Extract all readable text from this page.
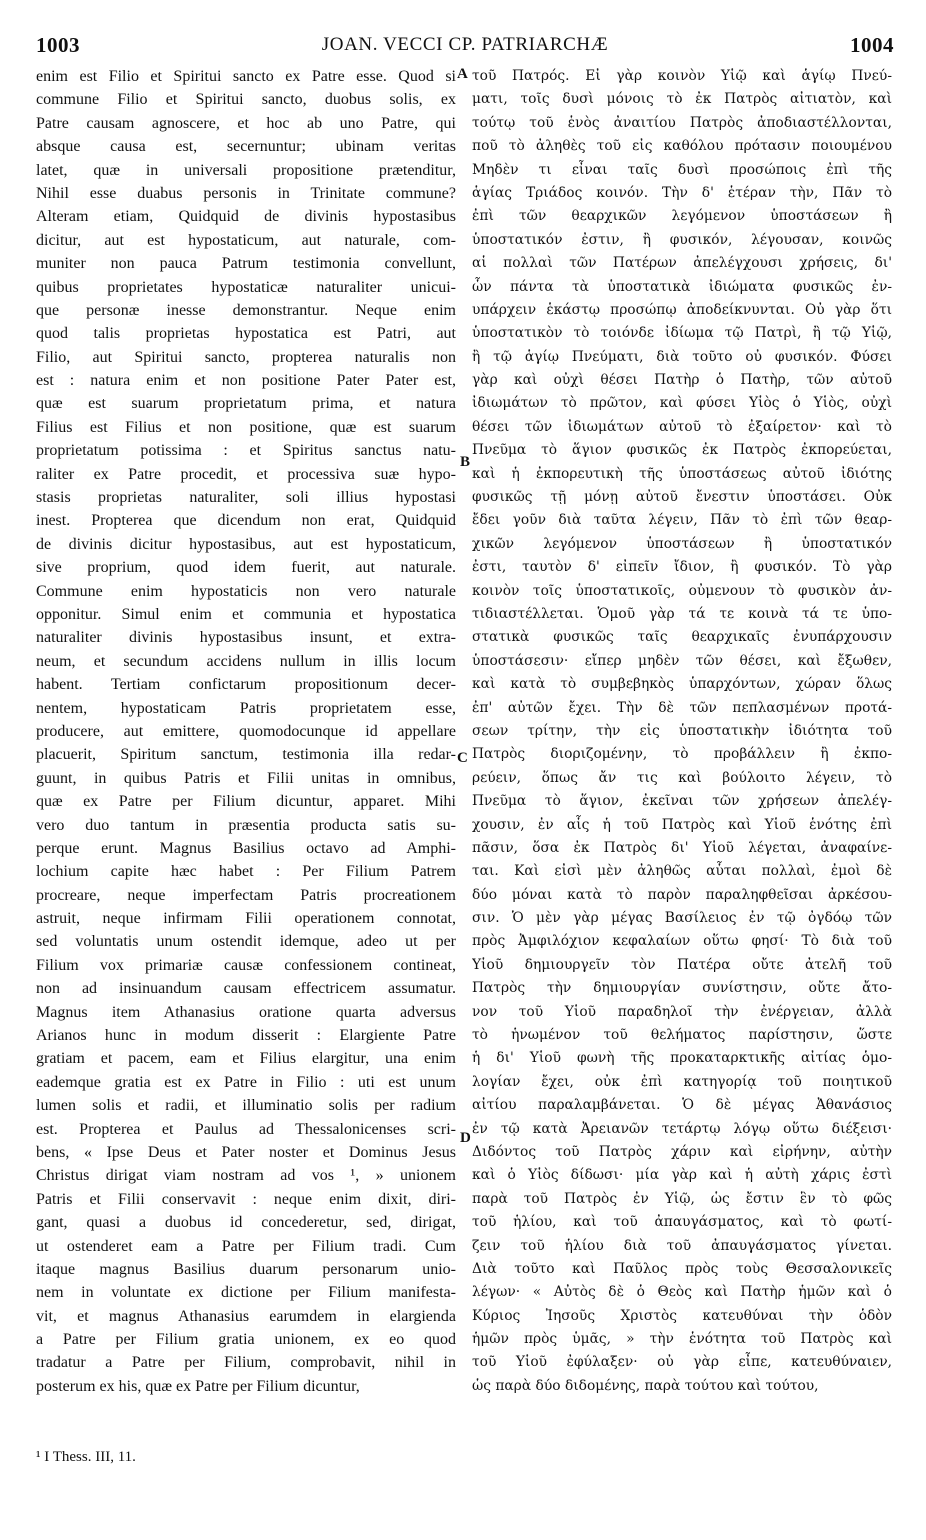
1003	JOAN. VECCI CP. PATRIARCHÆ	1004
enim est Filio et Spiritui sancto ex Patre esse. Quod si
commune Filio et Spiritui sancto, duobus solis, ex
Patre causam agnoscere, et hoc ab uno Patre, qui
absque causa est, secernuntur; ubinam veritas
latet, quæ in universali propositione prætenditur,
Nihil esse duabus personis in Trinitate commune?
Alteram etiam, Quidquid de divinis hypostasibus
dicitur, aut est hypostaticum, aut naturale, com-
muniter non pauca Patrum testimonia convellunt,
quibus proprietates hypostaticæ naturaliter unicui-
que personæ inesse demonstrantur. Neque enim
quod talis proprietas hypostatica est Patri, aut
Filio, aut Spiritui sancto, propterea naturalis non
est : natura enim et non positione Pater Pater est,
quæ est suarum proprietatum prima, et natura
Filius est Filius et non positione, quæ est suarum
proprietatum potissima : et Spiritus sanctus natu-
raliter ex Patre procedit, et processiva suæ hypo-
stasis proprietas naturaliter, soli illius hypostasi
inest. Propterea que dicendum non erat, Quidquid
de divinis dicitur hypostasibus, aut est hypostaticum,
sive proprium, quod idem fuerit, aut naturale.
Commune enim hypostaticis non vero naturale
opponitur. Simul enim et communia et hypostatica
naturaliter divinis hypostasibus insunt, et extra-
neum, et secundum accidens nullum in illis locum
habent. Tertiam confictarum propositionum decer-
nentem, hypostaticam Patris proprietatem esse,
producere, aut emittere, quomodocunque id appellare
placuerit, Spiritum sanctum, testimonia illa redar-
guunt, in quibus Patris et Filii unitas in omnibus,
quæ ex Patre per Filium dicuntur, apparet. Mihi
vero duo tantum in præsentia producta satis su-
perque erunt. Magnus Basilius octavo ad Amphi-
lochium capite hæc habet : Per Filium Patrem
procreare, neque imperfectam Patris procreationem
astruit, neque infirmam Filii operationem connotat,
sed voluntatis unum ostendit idemque, adeo ut per
Filium vox primariæ causæ confessionem contineat,
non ad insinuandum causam effectricem assumatur.
Magnus item Athanasius oratione quarta adversus
Arianos hunc in modum disserit : Elargiente Patre
gratiam et pacem, eam et Filius elargitur, una enim
eademque gratia est ex Patre in Filio : uti est unum
lumen solis et radii, et illuminatio solis per radium
est. Propterea et Paulus ad Thessalonicenses scri-
bens, « Ipse Deus et Pater noster et Dominus Jesus
Christus dirigat viam nostram ad vos ¹, » unionem
Patris et Filii conservavit : neque enim dixit, diri-
gant, quasi a duobus id concederetur, sed, dirigat,
ut ostenderet eam a Patre per Filium tradi. Cum
itaque magnus Basilius duarum personarum unio-
nem in voluntate ex dictione per Filium manifesta-
vit, et magnus Athanasius earumdem in elargienda
a Patre per Filium gratia unionem, ex eo quod
tradatur a Patre per Filium, comprobavit, nihil in
posterum ex his, quæ ex Patre per Filium dicuntur,
τοῦ Πατρός. Εἰ γὰρ κοινὸν Υἱῷ καὶ ἁγίῳ Πνεύ-
ματι, τοῖς δυσὶ μόνοις τὸ ἐκ Πατρὸς αἰτιατὸν, καὶ
τούτῳ τοῦ ἑνὸς ἀναιτίου Πατρὸς ἀποδιαστέλλονται,
ποῦ τὸ ἀληθὲς τοῦ εἰς καθόλου πρότασιν ποιουμένου
Μηδὲν τι εἶναι ταῖς δυσὶ προσώποις ἐπὶ τῆς
ἁγίας Τριάδος κοινόν. Τὴν δ' ἑτέραν τὴν, Πᾶν τὸ
ἐπὶ τῶν θεαρχικῶν λεγόμενον ὑποστάσεων ἢ
ὑποστατικόν ἐστιν, ἢ φυσικόν, λέγουσαν, κοινῶς
αἱ πολλαὶ τῶν Πατέρων ἀπελέγχουσι χρήσεις, δι'
ὧν πάντα τὰ ὑποστατικὰ ἰδιώματα φυσικῶς ἐν-
υπάρχειν ἑκάστῳ προσώπῳ ἀποδείκνυνται. Οὐ γὰρ ὅτι
ὑποστατικὸν τὸ τοιόνδε ἰδίωμα τῷ Πατρὶ, ἢ τῷ Υἱῷ,
ἢ τῷ ἁγίῳ Πνεύματι, διὰ τοῦτο οὐ φυσικόν. Φύσει
γὰρ καὶ οὐχὶ θέσει Πατὴρ ὁ Πατὴρ, τῶν αὐτοῦ
ἰδιωμάτων τὸ πρῶτον, καὶ φύσει Υἱὸς ὁ Υἱὸς, οὐχὶ
θέσει τῶν ἰδιωμάτων αὐτοῦ τὸ ἐξαίρετον· καὶ τὸ
Πνεῦμα τὸ ἅγιον φυσικῶς ἐκ Πατρὸς ἐκπορεύεται,
καὶ ἡ ἐκπορευτικὴ τῆς ὑποστάσεως αὐτοῦ ἰδιότης
φυσικῶς τῇ μόνῃ αὐτοῦ ἔνεστιν ὑποστάσει. Οὐκ
ἔδει γοῦν διὰ ταῦτα λέγειν, Πᾶν τὸ ἐπὶ τῶν θεαρ-
χικῶν λεγόμενον ὑποστάσεων ἢ ὑποστατικόν
ἐστι, ταυτὸν δ' εἰπεῖν ἴδιον, ἢ φυσικόν. Τὸ γὰρ
κοινὸν τοῖς ὑποστατικοῖς, οὐμενουν τὸ φυσικὸν ἀν-
τιδιαστέλλεται. Ὁμοῦ γὰρ τά τε κοινὰ τά τε ὑπο-
στατικὰ φυσικῶς ταῖς θεαρχικαῖς ἐνυπάρχουσιν
ὑποστάσεσιν· εἴπερ μηδὲν τῶν θέσει, καὶ ἔξωθεν,
καὶ κατὰ τὸ συμβεβηκὸς ὑπαρχόντων, χώραν ὅλως
ἐπ' αὐτῶν ἔχει. Τὴν δὲ τῶν πεπλασμένων προτά-
σεων τρίτην, τὴν εἰς ὑποστατικὴν ἰδιότητα τοῦ
Πατρὸς διοριζομένην, τὸ προβάλλειν ἢ ἐκπο-
ρεύειν, ὅπως ἄν τις καὶ βούλοιτο λέγειν, τὸ
Πνεῦμα τὸ ἅγιον, ἐκεῖναι τῶν χρήσεων ἀπελέγ-
χουσιν, ἐν αἷς ἡ τοῦ Πατρὸς καὶ Υἱοῦ ἑνότης ἐπὶ
πᾶσιν, ὅσα ἐκ Πατρὸς δι' Υἱοῦ λέγεται, ἀναφαίνε-
ται. Καὶ εἰσὶ μὲν ἀληθῶς αὗται πολλαὶ, ἐμοὶ δὲ
δύο μόναι κατὰ τὸ παρὸν παραληφθεῖσαι ἀρκέσου-
σιν. Ὁ μὲν γὰρ μέγας Βασίλειος ἐν τῷ ὀγδόῳ τῶν
πρὸς Ἀμφιλόχιον κεφαλαίων οὕτω φησί· Τὸ διὰ τοῦ
Υἱοῦ δημιουργεῖν τὸν Πατέρα οὔτε ἀτελῆ τοῦ
Πατρὸς τὴν δημιουργίαν συνίστησιν, οὔτε ἄτο-
νον τοῦ Υἱοῦ παραδηλοῖ τὴν ἐνέργειαν, ἀλλὰ
τὸ ἡνωμένον τοῦ θελήματος παρίστησιν, ὥστε
ἡ δι' Υἱοῦ φωνὴ τῆς προκαταρκτικῆς αἰτίας ὁμο-
λογίαν ἔχει, οὐκ ἐπὶ κατηγορίᾳ τοῦ ποιητικοῦ
αἰτίου παραλαμβάνεται. Ὁ δὲ μέγας Ἀθανάσιος
ἐν τῷ κατὰ Ἀρειανῶν τετάρτῳ λόγῳ οὕτω διέξεισι·
Διδόντος τοῦ Πατρὸς χάριν καὶ εἰρήνην, αὐτὴν
καὶ ὁ Υἱὸς δίδωσι· μία γὰρ καὶ ἡ αὐτὴ χάρις ἐστὶ
παρὰ τοῦ Πατρὸς ἐν Υἱῷ, ὡς ἔστιν ἓν τὸ φῶς
τοῦ ἡλίου, καὶ τοῦ ἀπαυγάσματος, καὶ τὸ φωτί-
ζειν τοῦ ἡλίου διὰ τοῦ ἀπαυγάσματος γίνεται.
Διὰ τοῦτο καὶ Παῦλος πρὸς τοὺς Θεσσαλονικεῖς
λέγων· « Αὐτὸς δὲ ὁ Θεὸς καὶ Πατὴρ ἡμῶν καὶ ὁ
Κύριος Ἰησοῦς Χριστὸς κατευθύναι τὴν ὁδὸν
ἡμῶν πρὸς ὑμᾶς, » τὴν ἑνότητα τοῦ Πατρὸς καὶ
τοῦ Υἱοῦ ἐφύλαξεν· οὐ γὰρ εἶπε, κατευθύναιεν,
ὡς παρὰ δύο διδομένης, παρὰ τούτου καὶ τούτου,
A
B
C
D
¹ I Thess. III, 11.
